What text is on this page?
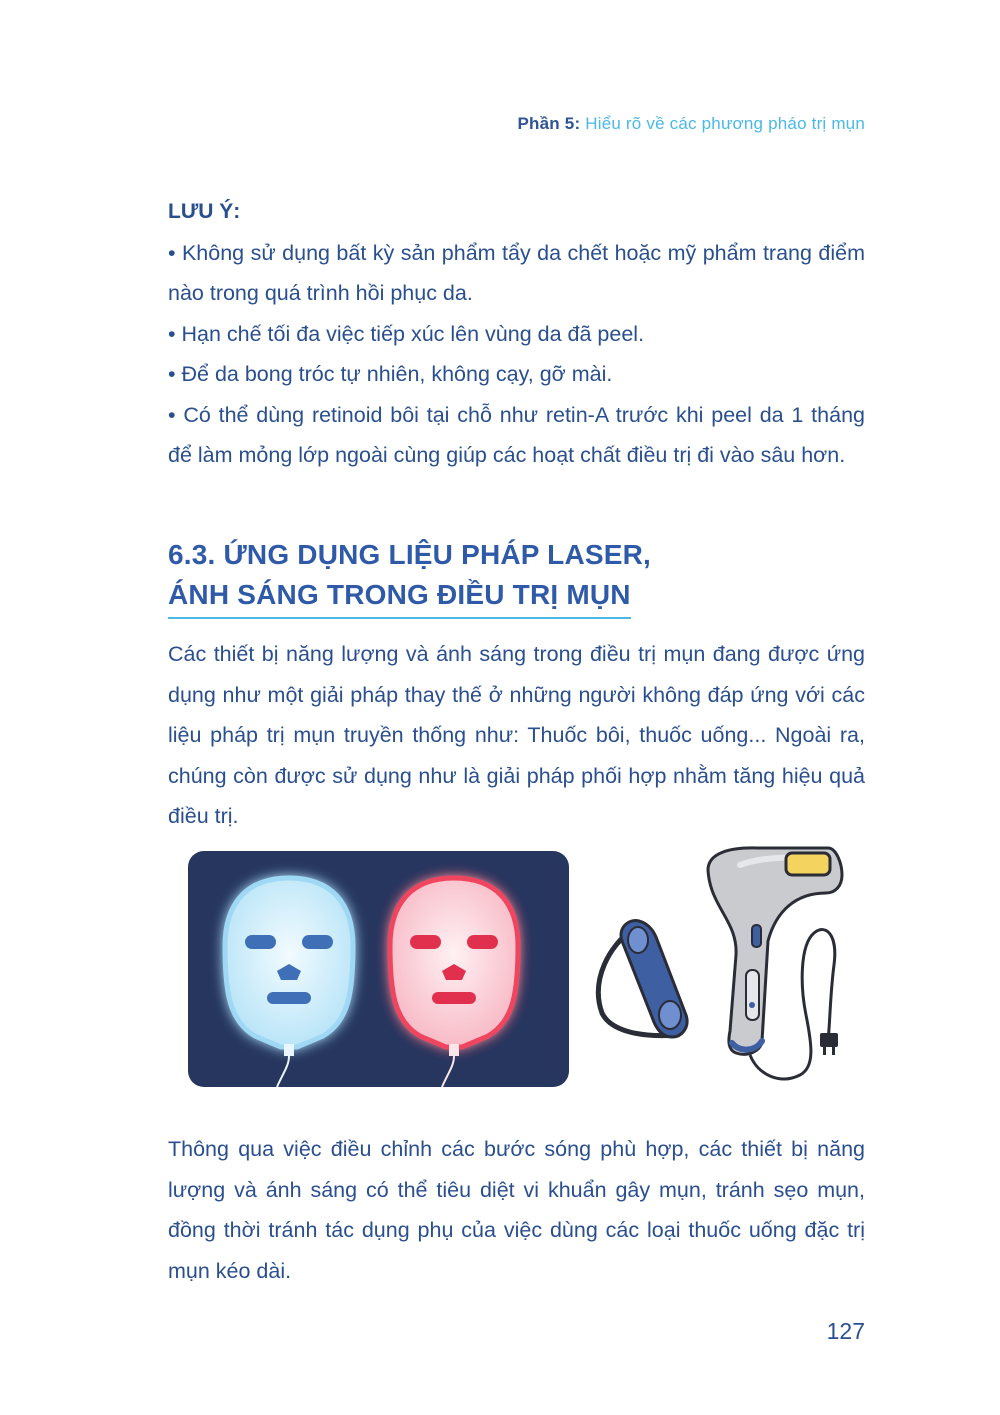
Phần 5: Hiểu rõ về các phương pháo trị mụn
LƯU Ý:

• Không sử dụng bất kỳ sản phẩm tẩy da chết hoặc mỹ phẩm trang điểm nào trong quá trình hồi phục da.

• Hạn chế tối đa việc tiếp xúc lên vùng da đã peel.

• Để da bong tróc tự nhiên, không cạy, gỡ mài.

• Có thể dùng retinoid bôi tại chỗ như retin-A trước khi peel da 1 tháng để làm mỏng lớp ngoài cùng giúp các hoạt chất điều trị đi vào sâu hơn.

6.3. ỨNG DỤNG LIỆU PHÁP LASER,
ÁNH SÁNG TRONG ĐIỀU TRỊ MỤN

Các thiết bị năng lượng và ánh sáng trong điều trị mụn đang được ứng dụng như một giải pháp thay thế ở những người không đáp ứng với các liệu pháp trị mụn truyền thống như: Thuốc bôi, thuốc uống... Ngoài ra, chúng còn được sử dụng như là giải pháp phối hợp nhằm tăng hiệu quả điều trị.

Thông qua việc điều chỉnh các bước sóng phù hợp, các thiết bị năng lượng và ánh sáng có thể tiêu diệt vi khuẩn gây mụn, tránh sẹo mụn, đồng thời tránh tác dụng phụ của việc dùng các loại thuốc uống đặc trị mụn kéo dài.

127
